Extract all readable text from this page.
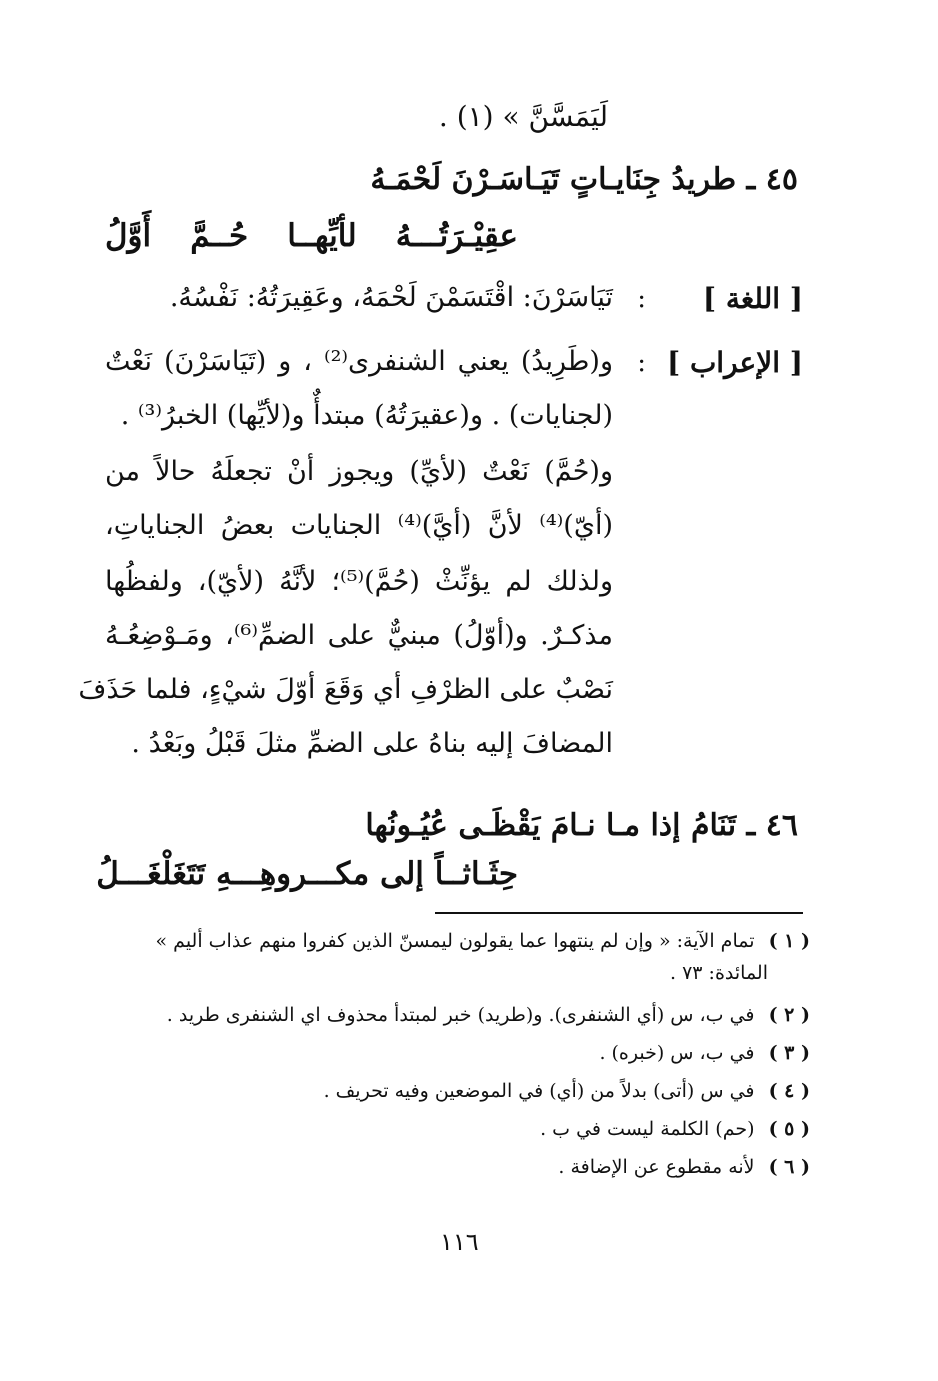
لَيَمَسَّنَّ » (١) .
٤٥ ـ طريدُ جِنَايـاتٍ تَيَـاسَـرْنَ لَحْمَـهُ
عقِيْـرَتُـــهُ لأيِّهــا حُــمَّ أَوَّلُ
[ اللغة ]
:
تَيَاسَرْنَ: اقْتَسَمْنَ لَحْمَهُ، وعَقِيرَتُهُ: نَفْسُهُ.
[ الإعراب ]
:
و(طَرِيدُ) يعني الشنفرى⁽²⁾ ، و (تَيَاسَرْنَ) نَعْتٌ
(لجنايات) . و(عقيرَتُهُ) مبتدأٌ و(لأيِّها) الخبرُ⁽³⁾ .
و(حُمَّ) نَعْتٌ (لأيِّ) ويجوز أنْ تجعلَهُ حالاً من
(أيّ)⁽⁴⁾ لأنَّ (أيَّ)⁽⁴⁾ الجنايات بعضُ الجناياتِ،
ولذلك لم يؤنِّثْ (حُمَّ)⁽⁵⁾؛ لأنَّهُ (لأيّ)، ولفظُها
مذكـرٌ. و(أوّلُ) مبنيٌّ على الضمِّ⁽⁶⁾، ومَـوْضِعُـهُ
نَصْبٌ على الظرْفِ أي وَقَعَ أوّلَ شيْءٍ، فلما حَذَفَ
المضافَ إليه بناهُ على الضمِّ مثلَ قَبْلُ وبَعْدُ .
٤٦ ـ تَنَامُ إذا مـا نـامَ يَقْظَـى عُيُـونُها
حِثَـاثــاً إلى مكـــروهِـــهِ تَتَغَلْغَـــلُ
( ١ ) تمام الآية: « وإن لم ينتهوا عما يقولون ليمسنّ الذين كفروا منهم عذاب أليم »
المائدة: ٧٣ .
( ٢ ) في ب، س (أي الشنفرى). و(طريد) خبر لمبتدأ محذوف اي الشنفرى طريد .
( ٣ ) في ب، س (خبره) .
( ٤ ) في س (أتى) بدلاً من (أي) في الموضعين وفيه تحريف .
( ٥ ) (حم) الكلمة ليست في ب .
( ٦ ) لأنه مقطوع عن الإضافة .
١١٦
